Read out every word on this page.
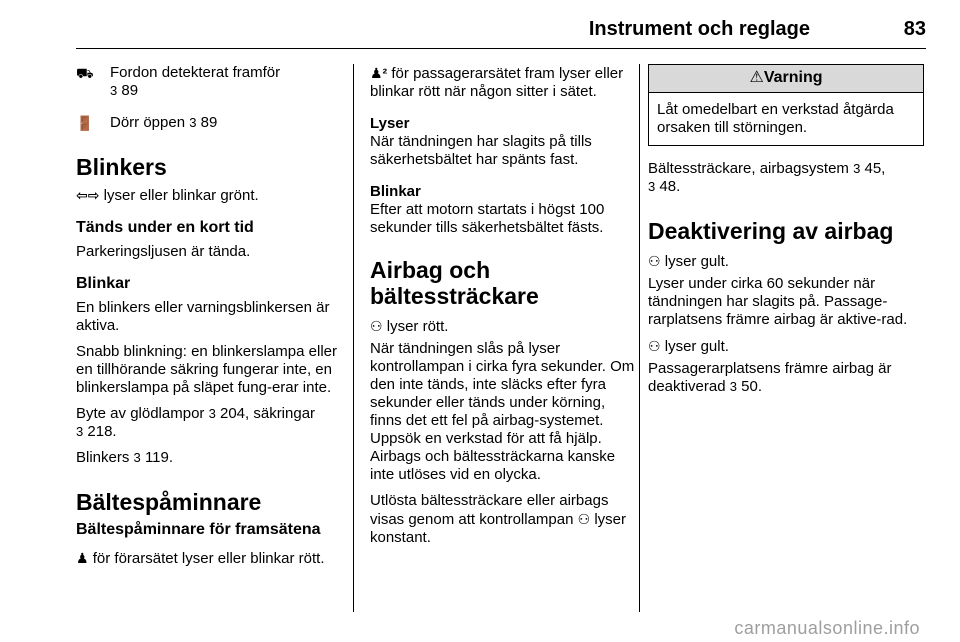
Instrument och reglage	83
⛟	Fordon detekterat framför
3 89
🚪	Dörr öppen 3 89
Blinkers
⇦⇨ lyser eller blinkar grönt.
Tänds under en kort tid
Parkeringsljusen är tända.
Blinkar
En blinkers eller varningsblinkersen är aktiva.
Snabb blinkning: en blinkerslampa eller en tillhörande säkring fungerar inte, en blinkerslampa på släpet fung-erar inte.
Byte av glödlampor 3 204, säkringar
3 218.
Blinkers 3 119.
Bältespåminnare
Bältespåminnare för framsätena
♟ för förarsätet lyser eller blinkar rött.
♟² för passagerarsätet fram lyser eller blinkar rött när någon sitter i sätet.
Lyser
När tändningen har slagits på tills säkerhetsbältet har spänts fast.
Blinkar
Efter att motorn startats i högst 100 sekunder tills säkerhetsbältet fästs.
Airbag och bältessträckare
⚇ lyser rött.
När tändningen slås på lyser kontrollampan i cirka fyra sekunder. Om den inte tänds, inte släcks efter fyra sekunder eller tänds under körning, finns det ett fel på airbag-systemet. Uppsök en verkstad för att få hjälp. Airbags och bältessträckarna kanske inte utlöses vid en olycka.
Utlösta bältessträckare eller airbags visas genom att kontrollampan ⚇ lyser konstant.
⚠Varning
Låt omedelbart en verkstad åtgärda orsaken till störningen.
Bältessträckare, airbagsystem 3 45,
3 48.
Deaktivering av airbag
⚇ lyser gult.
Lyser under cirka 60 sekunder när tändningen har slagits på. Passage-rarplatsens främre airbag är aktive-rad.
⚇ lyser gult.
Passagerarplatsens främre airbag är deaktiverad 3 50.
carmanualsonline.info
